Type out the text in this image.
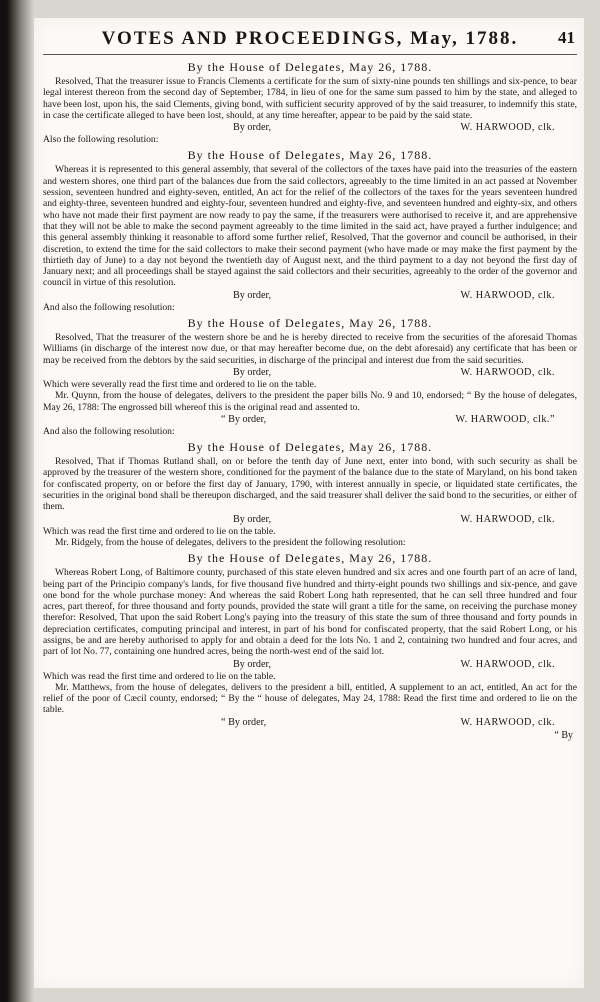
VOTES AND PROCEEDINGS, May, 1788.	41
By the House of Delegates, May 26, 1788.

Resolved, That the treasurer issue to Francis Clements a certificate for the sum of sixty-nine pounds ten shillings and six-pence, to bear legal interest thereon from the second day of September, 1784, in lieu of one for the same sum passed to him by the state, and alleged to have been lost, upon his, the said Clements, giving bond, with sufficient security approved of by the said treasurer, to indemnify this state, in case the certificate alleged to have been lost, should, at any time hereafter, appear to be paid by the said state.

By order,	W. HARWOOD, clk.

Also the following resolution:

By the House of Delegates, May 26, 1788.

Whereas it is represented to this general assembly, that several of the collectors of the taxes have paid into the treasuries of the eastern and western shores, one third part of the balances due from the said collectors, agreeably to the time limited in an act passed at November session, seventeen hundred and eighty-seven, entitled, An act for the relief of the collectors of the taxes for the years seventeen hundred and eighty-three, seventeen hundred and eighty-four, seventeen hundred and eighty-five, and seventeen hundred and eighty-six, and others who have not made their first payment are now ready to pay the same, if the treasurers were authorised to receive it, and are apprehensive that they will not be able to make the second payment agreeably to the time limited in the said act, have prayed a further indulgence; and this general assembly thinking it reasonable to afford some further relief, Resolved, That the governor and council be authorised, in their discretion, to extend the time for the said collectors to make their second payment (who have made or may make the first payment by the thirtieth day of June) to a day not beyond the twentieth day of August next, and the third payment to a day not beyond the first day of January next; and all proceedings shall be stayed against the said collectors and their securities, agreeably to the order of the governor and council in virtue of this resolution.

By order,	W. HARWOOD, clk.

And also the following resolution:

By the House of Delegates, May 26, 1788.

Resolved, That the treasurer of the western shore be and he is hereby directed to receive from the securities of the aforesaid Thomas Williams (in discharge of the interest now due, or that may hereafter become due, on the debt aforesaid) any certificate that has been or may be received from the debtors by the said securities, in discharge of the principal and interest due from the said securities.

By order,	W. HARWOOD, clk.

Which were severally read the first time and ordered to lie on the table.

Mr. Quynn, from the house of delegates, delivers to the president the paper bills No. 9 and 10, endorsed; “ By the house of delegates, May 26, 1788: The engrossed bill whereof this is the original read and assented to.

“ By order,	W. HARWOOD, clk.”

And also the following resolution:

By the House of Delegates, May 26, 1788.

Resolved, That if Thomas Rutland shall, on or before the tenth day of June next, enter into bond, with such security as shall be approved by the treasurer of the western shore, conditioned for the payment of the balance due to the state of Maryland, on his bond taken for confiscated property, on or before the first day of January, 1790, with interest annually in specie, or liquidated state certificates, the securities in the original bond shall be thereupon discharged, and the said treasurer shall deliver the said bond to the securities, or either of them.

By order,	W. HARWOOD, clk.

Which was read the first time and ordered to lie on the table.

Mr. Ridgely, from the house of delegates, delivers to the president the following resolution:

By the House of Delegates, May 26, 1788.

Whereas Robert Long, of Baltimore county, purchased of this state eleven hundred and six acres and one fourth part of an acre of land, being part of the Principio company's lands, for five thousand five hundred and thirty-eight pounds two shillings and six-pence, and gave one bond for the whole purchase money: And whereas the said Robert Long hath represented, that he can sell three hundred and four acres, part thereof, for three thousand and forty pounds, provided the state will grant a title for the same, on receiving the purchase money therefor: Resolved, That upon the said Robert Long's paying into the treasury of this state the sum of three thousand and forty pounds in depreciation certificates, computing principal and interest, in part of his bond for confiscated property, that the said Robert Long, or his assigns, be and are hereby authorised to apply for and obtain a deed for the lots No. 1 and 2, containing two hundred and four acres, and part of lot No. 77, containing one hundred acres, being the north-west end of the said lot.

By order,	W. HARWOOD, clk.

Which was read the first time and ordered to lie on the table.

Mr. Matthews, from the house of delegates, delivers to the president a bill, entitled, A supplement to an act, entitled, An act for the relief of the poor of Cæcil county, endorsed; “ By the “ house of delegates, May 24, 1788: Read the first time and ordered to lie on the table.

“ By order,	W. HARWOOD, clk.
“ By
